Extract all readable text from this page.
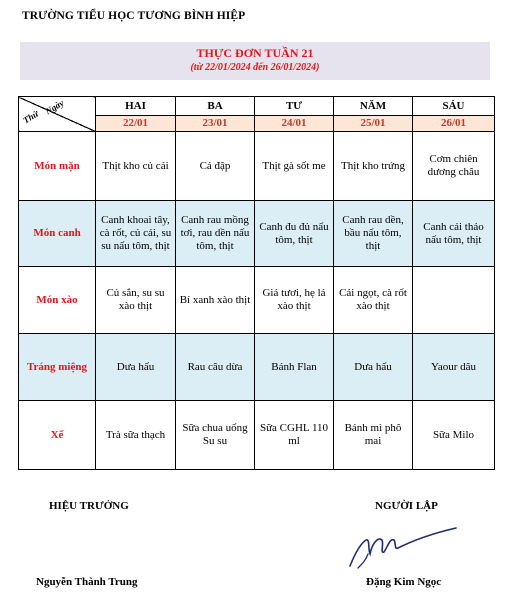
TRƯỜNG TIỂU HỌC TƯƠNG BÌNH HIỆP
THỰC ĐƠN TUẦN 21
(từ 22/01/2024 đến 26/01/2024)
Ngày
Thứ	HAI	BA	TƯ	NĂM	SÁU
	22/01	23/01	24/01	25/01	26/01
Món mặn	Thịt kho củ cải	Cá đập	Thịt gà sốt me	Thịt kho trứng	Cơm chiên dương châu
Món canh	Canh khoai tây, cà rốt, củ cải, su su nấu tôm, thịt	Canh rau mồng tơi, rau dền nấu tôm, thịt	Canh đu đủ nấu tôm, thịt	Canh rau dền, bầu nấu tôm, thịt	Canh cải thảo nấu tôm, thịt
Món xào	Củ sắn, su su xào thịt	Bí xanh xào thịt	Giá tươi, hẹ lá xào thịt	Cải ngọt, cà rốt xào thịt	
Tráng miệng	Dưa hấu	Rau câu dừa	Bánh Flan	Dưa hấu	Yaour dâu
Xế	Trà sữa thạch	Sữa chua uống Su su	Sữa CGHL 110 ml	Bánh mì phô mai	Sữa Milo
HIỆU TRƯỞNG	NGƯỜI LẬP
Nguyễn Thành Trung	Đặng Kim Ngọc
